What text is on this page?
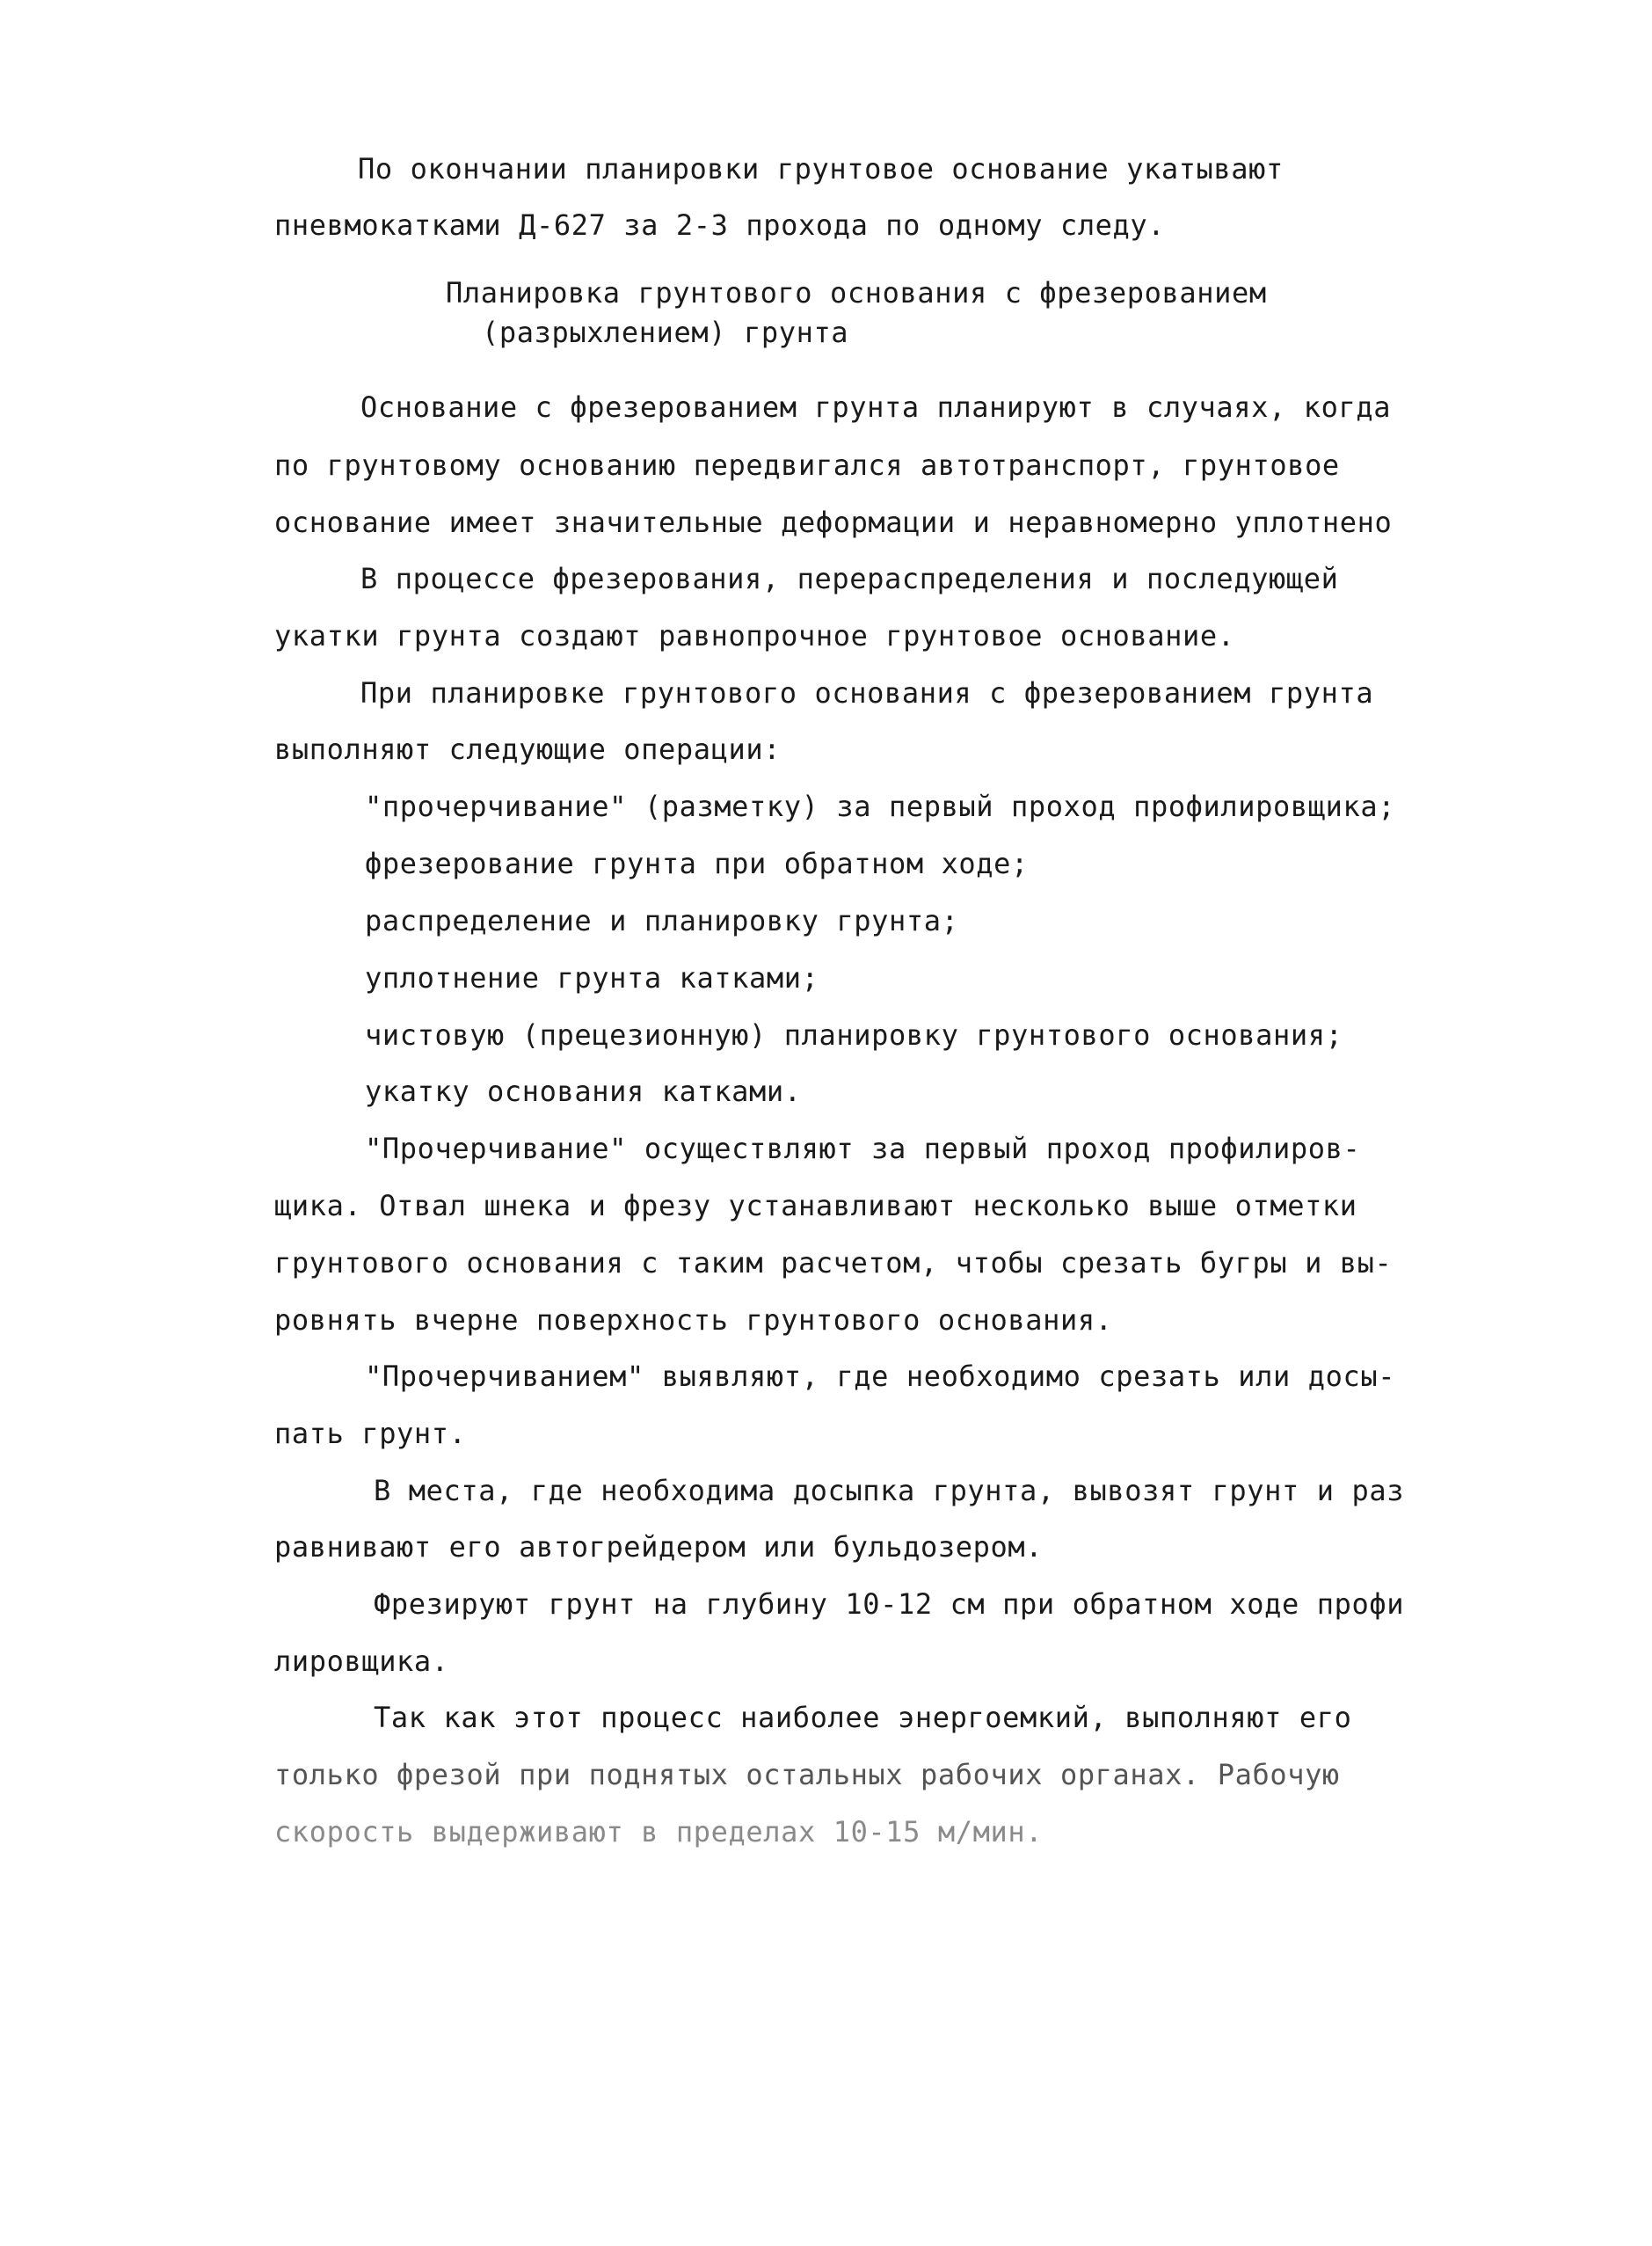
По окончании планировки грунтовое основание укатывают
пневмокатками Д-627 за 2-3 прохода по одному следу.
Планировка грунтового основания с фрезерованием
(разрыхлением) грунта
Основание с фрезерованием грунта планируют в случаях, когда
по грунтовому основанию передвигался автотранспорт, грунтовое
основание имеет значительные деформации и неравномерно уплотнено
В процессе фрезерования, перераспределения и последующей
укатки грунта создают равнопрочное грунтовое основание.
При планировке грунтового основания с фрезерованием грунта
выполняют следующие операции:
"прочерчивание" (разметку) за первый проход профилировщика;
фрезерование грунта при обратном ходе;
распределение и планировку грунта;
уплотнение грунта катками;
чистовую (прецезионную) планировку грунтового основания;
укатку основания катками.
"Прочерчивание" осуществляют за первый проход профилиров-
щика. Отвал шнека и фрезу устанавливают несколько выше отметки
грунтового основания с таким расчетом, чтобы срезать бугры и вы-
ровнять вчерне поверхность грунтового основания.
"Прочерчиванием" выявляют, где необходимо срезать или досы-
пать грунт.
В места, где необходима досыпка грунта, вывозят грунт и раз
равнивают его автогрейдером или бульдозером.
Фрезируют грунт на глубину 10-12 см при обратном ходе профи
лировщика.
Так как этот процесс наиболее энергоемкий, выполняют его
только фрезой при поднятых остальных рабочих органах. Рабочую
скорость выдерживают в пределах 10-15 м/мин.
